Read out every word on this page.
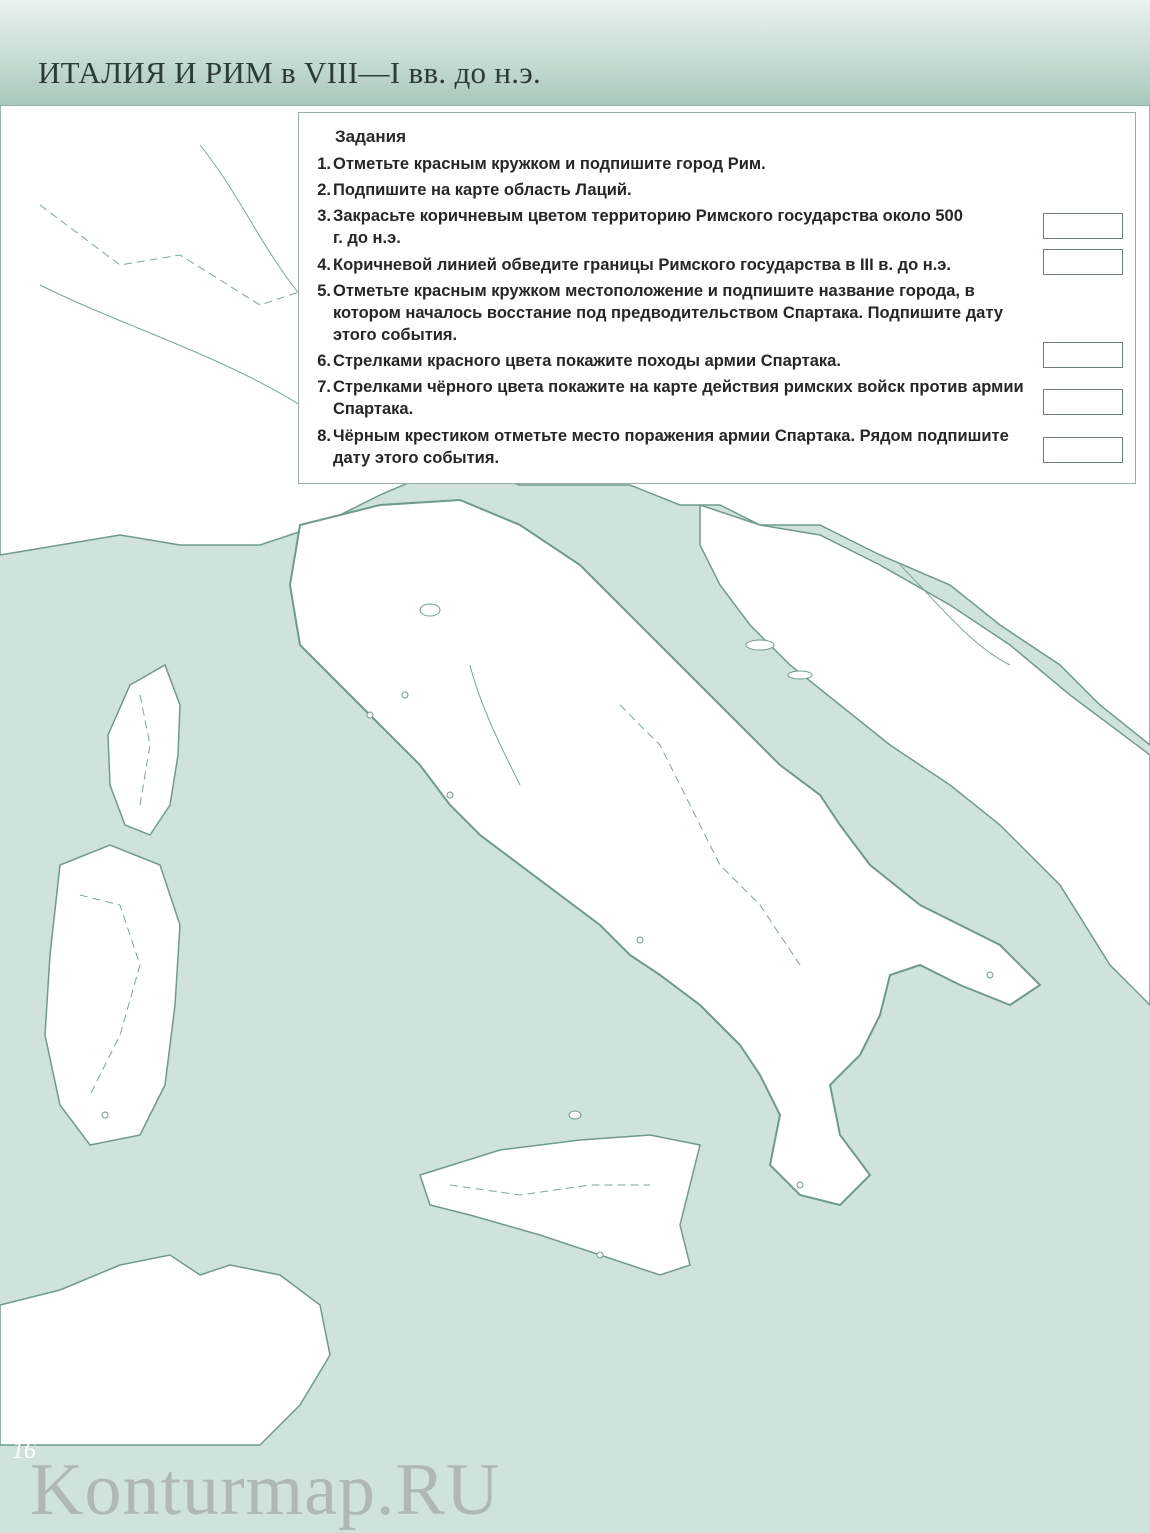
ИТАЛИЯ И РИМ в VIII—I вв. до н.э.
Задания
1. Отметьте красным кружком и подпишите город Рим.
2. Подпишите на карте область Лаций.
3. Закрасьте коричневым цветом территорию Римского государства около 500 г. до н.э.
4. Коричневой линией обведите границы Римского государства в III в. до н.э.
5. Отметьте красным кружком местоположение и подпишите название города, в котором началось восстание под предводительством Спартака. Подпишите дату этого события.
6. Стрелками красного цвета покажите походы армии Спартака.
7. Стрелками чёрного цвета покажите на карте действия римских войск против армии Спартака.
8. Чёрным крестиком отметьте место поражения армии Спартака. Рядом подпишите дату этого события.
16
Konturmap.RU
